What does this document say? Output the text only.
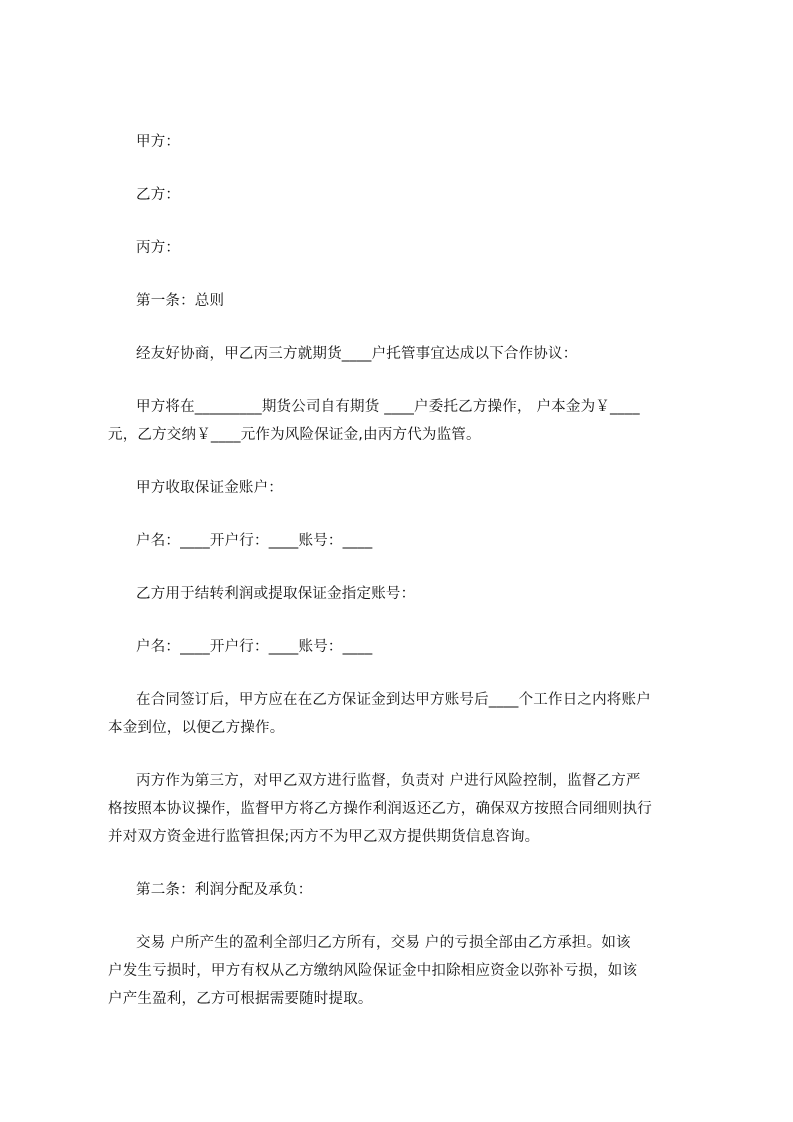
甲方：
乙方：
丙方：
第一条：总则
经友好协商，甲乙丙三方就期货____户托管事宜达成以下合作协议：
甲方将在_________期货公司自有期货 ____户委托乙方操作， 户本金为￥____
元，乙方交纳￥____元作为风险保证金,由丙方代为监管。
甲方收取保证金账户：
户名：____开户行：____账号：____
乙方用于结转利润或提取保证金指定账号：
户名：____开户行：____账号：____
在合同签订后，甲方应在在乙方保证金到达甲方账号后____个工作日之内将账户
本金到位，以便乙方操作。
丙方作为第三方，对甲乙双方进行监督，负责对 户进行风险控制，监督乙方严
格按照本协议操作，监督甲方将乙方操作利润返还乙方，确保双方按照合同细则执行
并对双方资金进行监管担保;丙方不为甲乙双方提供期货信息咨询。
第二条：利润分配及承负：
交易 户所产生的盈利全部归乙方所有，交易 户的亏损全部由乙方承担。如该
户发生亏损时，甲方有权从乙方缴纳风险保证金中扣除相应资金以弥补亏损，如该
户产生盈利，乙方可根据需要随时提取。
